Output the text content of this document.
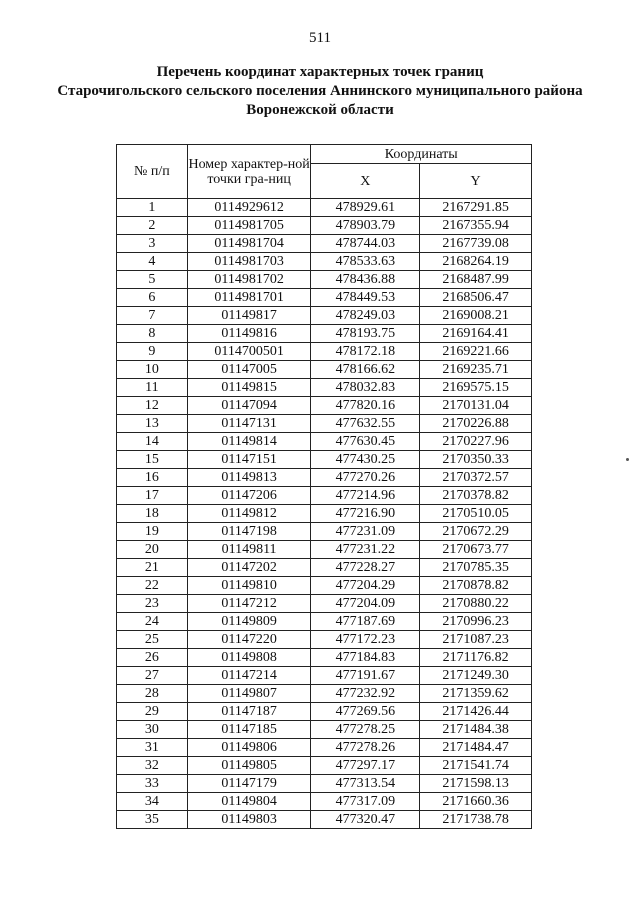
511
Перечень координат характерных точек границ
Старочигольского сельского поселения Аннинского муниципального района
Воронежской области
№ п/п	Номер характер-ной точки гра-ниц	Координаты	
		X	Y
1	0114929612	478929.61	2167291.85
2	0114981705	478903.79	2167355.94
3	0114981704	478744.03	2167739.08
4	0114981703	478533.63	2168264.19
5	0114981702	478436.88	2168487.99
6	0114981701	478449.53	2168506.47
7	01149817	478249.03	2169008.21
8	01149816	478193.75	2169164.41
9	0114700501	478172.18	2169221.66
10	01147005	478166.62	2169235.71
11	01149815	478032.83	2169575.15
12	01147094	477820.16	2170131.04
13	01147131	477632.55	2170226.88
14	01149814	477630.45	2170227.96
15	01147151	477430.25	2170350.33
16	01149813	477270.26	2170372.57
17	01147206	477214.96	2170378.82
18	01149812	477216.90	2170510.05
19	01147198	477231.09	2170672.29
20	01149811	477231.22	2170673.77
21	01147202	477228.27	2170785.35
22	01149810	477204.29	2170878.82
23	01147212	477204.09	2170880.22
24	01149809	477187.69	2170996.23
25	01147220	477172.23	2171087.23
26	01149808	477184.83	2171176.82
27	01147214	477191.67	2171249.30
28	01149807	477232.92	2171359.62
29	01147187	477269.56	2171426.44
30	01147185	477278.25	2171484.38
31	01149806	477278.26	2171484.47
32	01149805	477297.17	2171541.74
33	01147179	477313.54	2171598.13
34	01149804	477317.09	2171660.36
35	01149803	477320.47	2171738.78
